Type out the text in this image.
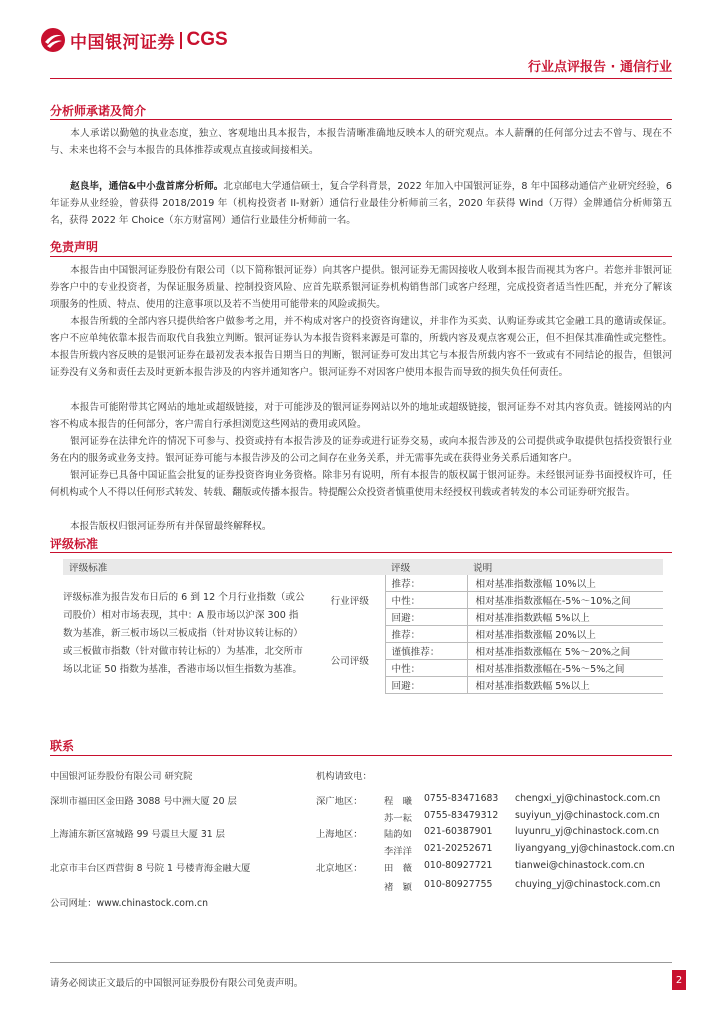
中国银河证券 CGS
行业点评报告 · 通信行业
分析师承诺及简介
本人承诺以勤勉的执业态度，独立、客观地出具本报告，本报告清晰准确地反映本人的研究观点。本人薪酬的任何部分过去不曾与、现在不与、未来也将不会与本报告的具体推荐或观点直接或间接相关。
赵良毕，通信&中小盘首席分析师。北京邮电大学通信硕士，复合学科背景，2022 年加入中国银河证券，8 年中国移动通信产业研究经验，6 年证券从业经验，曾获得 2018/2019 年（机构投资者 II-财新）通信行业最佳分析师前三名，2020 年获得 Wind（万得）金牌通信分析师第五名，获得 2022 年 Choice（东方财富网）通信行业最佳分析师前一名。
免责声明
本报告由中国银河证券股份有限公司（以下简称银河证券）向其客户提供。银河证券无需因接收人收到本报告而视其为客户。若您并非银河证券客户中的专业投资者，为保证服务质量、控制投资风险、应首先联系银河证券机构销售部门或客户经理，完成投资者适当性匹配，并充分了解该项服务的性质、特点、使用的注意事项以及若不当使用可能带来的风险或损失。
本报告所载的全部内容只提供给客户做参考之用，并不构成对客户的投资咨询建议，并非作为买卖、认购证券或其它金融工具的邀请或保证。客户不应单纯依靠本报告而取代自我独立判断。银河证券认为本报告资料来源是可靠的，所载内容及观点客观公正，但不担保其准确性或完整性。本报告所载内容反映的是银河证券在最初发表本报告日期当日的判断，银河证券可发出其它与本报告所载内容不一致或有不同结论的报告，但银河证券没有义务和责任去及时更新本报告涉及的内容并通知客户。银河证券不对因客户使用本报告而导致的损失负任何责任。
本报告可能附带其它网站的地址或超级链接，对于可能涉及的银河证券网站以外的地址或超级链接，银河证券不对其内容负责。链接网站的内容不构成本报告的任何部分，客户需自行承担浏览这些网站的费用或风险。
银河证券在法律允许的情况下可参与、投资或持有本报告涉及的证券或进行证券交易，或向本报告涉及的公司提供或争取提供包括投资银行业务在内的服务或业务支持。银河证券可能与本报告涉及的公司之间存在业务关系，并无需事先或在获得业务关系后通知客户。
银河证券已具备中国证监会批复的证券投资咨询业务资格。除非另有说明，所有本报告的版权属于银河证券。未经银河证券书面授权许可，任何机构或个人不得以任何形式转发、转载、翻版或传播本报告。特提醒公众投资者慎重使用未经授权刊载或者转发的本公司证券研究报告。
本报告版权归银河证券所有并保留最终解释权。
评级标准
评级标准		评级	说明
评级标准为报告发布日后的 6 到 12 个月行业指数（或公司股价）相对市场表现，其中：A 股市场以沪深 300 指数为基准，新三板市场以三板成指（针对协议转让标的）或三板做市指数（针对做市转让标的）为基准，北交所市场以北证 50 指数为基准，香港市场以恒生指数为基准。	行业评级	推荐：	相对基准指数涨幅 10%以上
		中性：	相对基准指数涨幅在-5%～10%之间
		回避：	相对基准指数跌幅 5%以上
	公司评级	推荐：	相对基准指数涨幅 20%以上
		谨慎推荐：	相对基准指数涨幅在 5%～20%之间
		中性：	相对基准指数涨幅在-5%～5%之间
		回避：	相对基准指数跌幅 5%以上
联系
中国银河证券股份有限公司 研究院	机构请致电：
深圳市福田区金田路 3088 号中洲大厦 20 层
上海浦东新区富城路 99 号震旦大厦 31 层
北京市丰台区西营街 8 号院 1 号楼青海金融大厦
深广地区： 程　曦 0755-83471683 chengxi_yj@chinastock.com.cn
苏一耘 0755-83479312 suyiyun_yj@chinastock.com.cn
上海地区： 陆韵如 021-60387901 luyunru_yj@chinastock.com.cn
李洋洋 021-20252671 liyangyang_yj@chinastock.com.cn
北京地区： 田　薇 010-80927721 tianwei@chinastock.com.cn
褚　颖 010-80927755 chuying_yj@chinastock.com.cn
公司网址：www.chinastock.com.cn
请务必阅读正文最后的中国银河证券股份有限公司免责声明。	2
